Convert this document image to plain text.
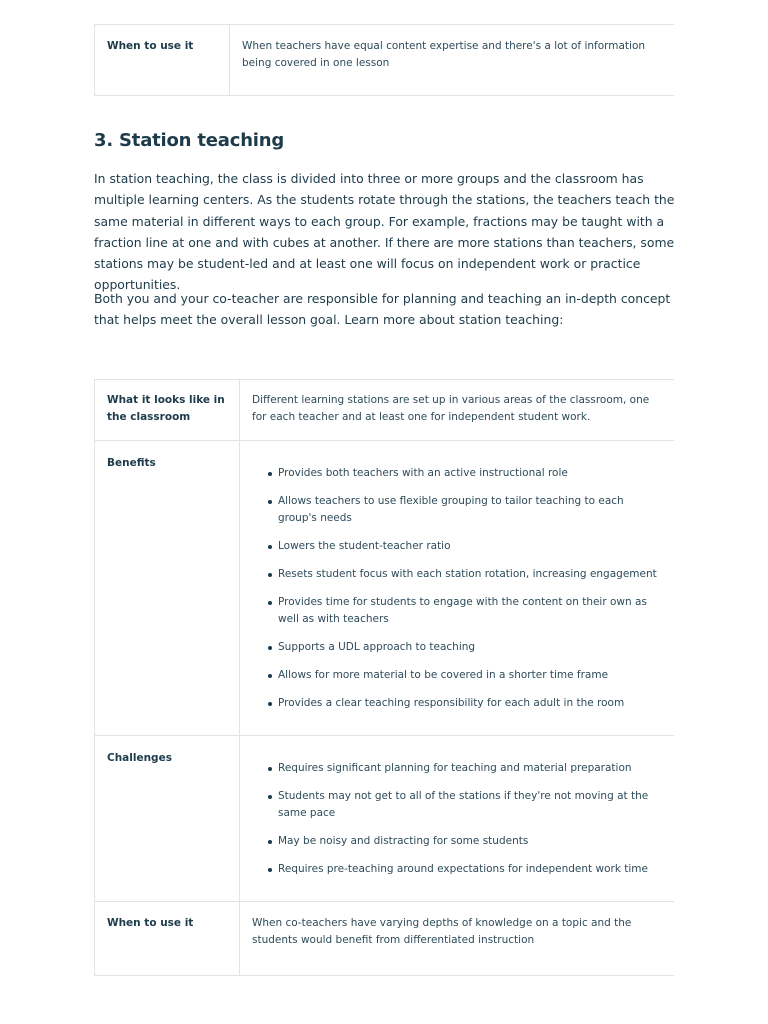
When to use it	When teachers have equal content expertise and there's a lot of information being covered in one lesson
3. Station teaching

In station teaching, the class is divided into three or more groups and the classroom has multiple learning centers. As the students rotate through the stations, the teachers teach the same material in different ways to each group. For example, fractions may be taught with a fraction line at one and with cubes at another. If there are more stations than teachers, some stations may be student-led and at least one will focus on independent work or practice opportunities.

Both you and your co-teacher are responsible for planning and teaching an in-depth concept that helps meet the overall lesson goal. Learn more about station teaching:

What it looks like in the classroom
Different learning stations are set up in various areas of the classroom, one for each teacher and at least one for independent student work.
Benefits
Provides both teachers with an active instructional role
Allows teachers to use flexible grouping to tailor teaching to each group's needs
Lowers the student-teacher ratio
Resets student focus with each station rotation, increasing engagement
Provides time for students to engage with the content on their own as well as with teachers
Supports a UDL approach to teaching
Allows for more material to be covered in a shorter time frame
Provides a clear teaching responsibility for each adult in the room
Challenges
Requires significant planning for teaching and material preparation
Students may not get to all of the stations if they're not moving at the same pace
May be noisy and distracting for some students
Requires pre-teaching around expectations for independent work time
When to use it	When co-teachers have varying depths of knowledge on a topic and the students would benefit from differentiated instruction
